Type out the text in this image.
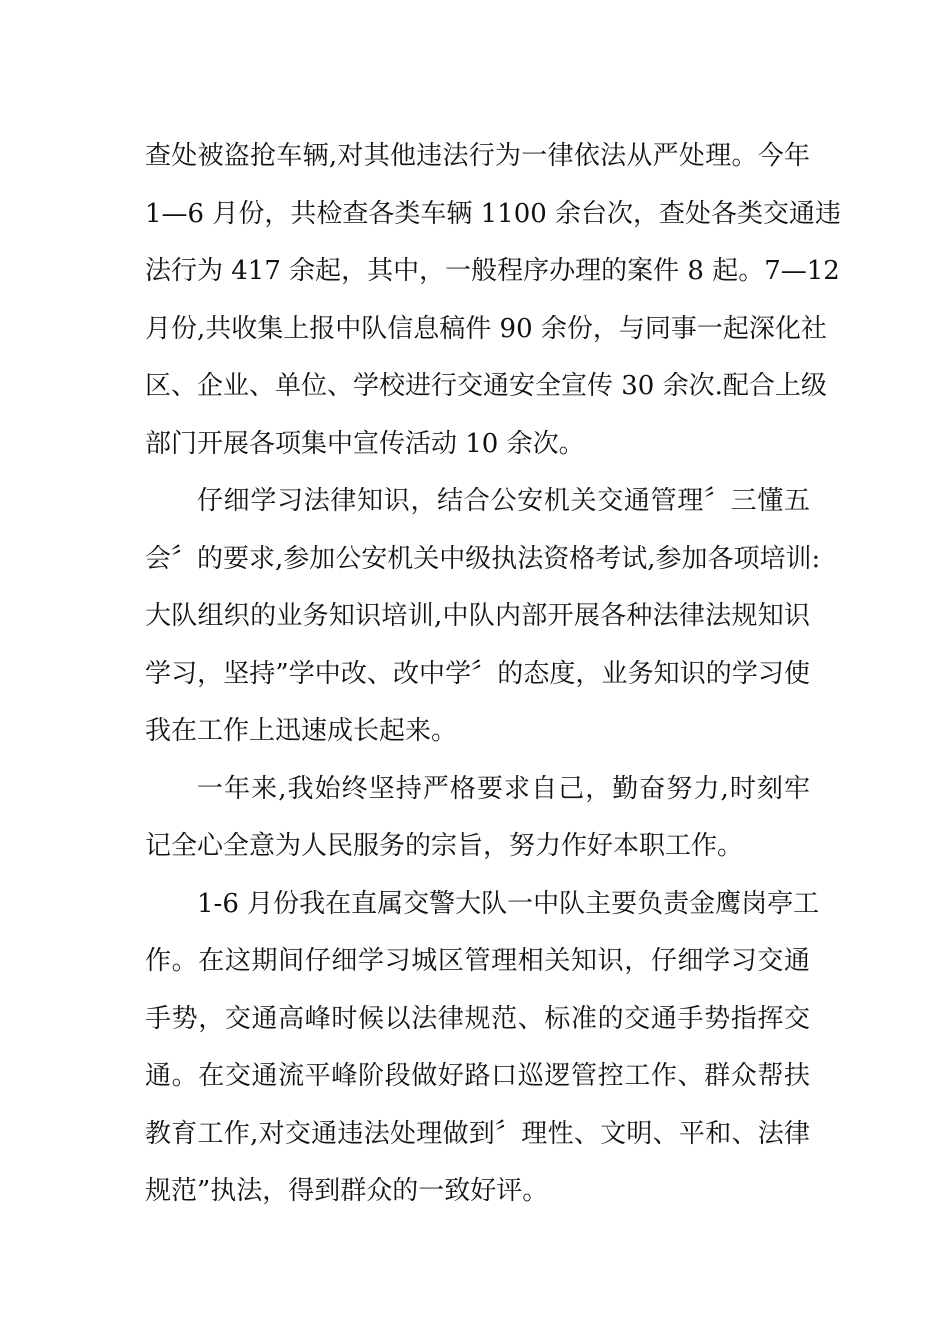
查处被盗抢车辆,对其他违法行为一律依法从严处理。今年
1—6 月份，共检查各类车辆 1100 余台次，查处各类交通违
法行为 417 余起，其中，一般程序办理的案件 8 起。7—12
月份,共收集上报中队信息稿件 90 余份，与同事一起深化社
区、企业、单位、学校进行交通安全宣传 30 余次.配合上级
部门开展各项集中宣传活动 10 余次。
仔细学习法律知识，结合公安机关交通管理〞三懂五
会〞的要求,参加公安机关中级执法资格考试,参加各项培训:
大队组织的业务知识培训,中队内部开展各种法律法规知识
学习，坚持”学中改、改中学〞的态度，业务知识的学习使
我在工作上迅速成长起来。
一年来,我始终坚持严格要求自己，勤奋努力,时刻牢
记全心全意为人民服务的宗旨，努力作好本职工作。
1-6 月份我在直属交警大队一中队主要负责金鹰岗亭工
作。在这期间仔细学习城区管理相关知识，仔细学习交通
手势，交通高峰时候以法律规范、标准的交通手势指挥交
通。在交通流平峰阶段做好路口巡逻管控工作、群众帮扶
教育工作,对交通违法处理做到〞理性、文明、平和、法律
规范”执法，得到群众的一致好评。
